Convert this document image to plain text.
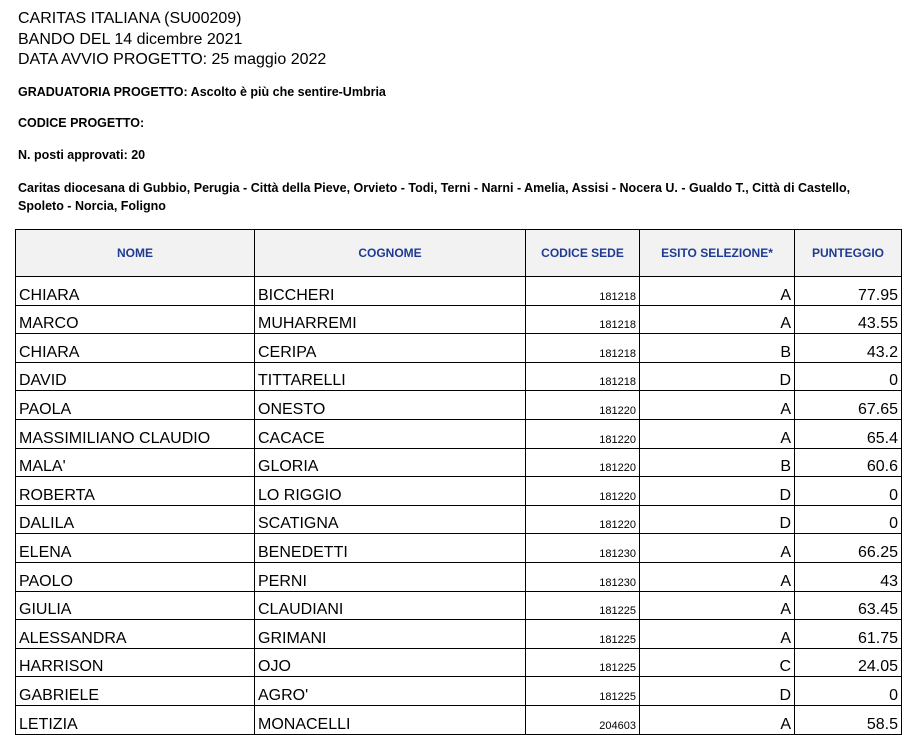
CARITAS ITALIANA (SU00209)
BANDO DEL 14 dicembre 2021
DATA AVVIO PROGETTO: 25 maggio 2022
GRADUATORIA PROGETTO: Ascolto è più che sentire-Umbria
CODICE PROGETTO:
N. posti approvati: 20
Caritas diocesana di Gubbio, Perugia - Città della Pieve, Orvieto - Todi, Terni - Narni - Amelia, Assisi - Nocera U. - Gualdo T., Città di Castello, Spoleto - Norcia, Foligno
NOME	COGNOME	CODICE SEDE	ESITO SELEZIONE*	PUNTEGGIO
CHIARA	BICCHERI	181218	A	77.95
MARCO	MUHARREMI	181218	A	43.55
CHIARA	CERIPA	181218	B	43.2
DAVID	TITTARELLI	181218	D	0
PAOLA	ONESTO	181220	A	67.65
MASSIMILIANO CLAUDIO	CACACE	181220	A	65.4
MALA'	GLORIA	181220	B	60.6
ROBERTA	LO RIGGIO	181220	D	0
DALILA	SCATIGNA	181220	D	0
ELENA	BENEDETTI	181230	A	66.25
PAOLO	PERNI	181230	A	43
GIULIA	CLAUDIANI	181225	A	63.45
ALESSANDRA	GRIMANI	181225	A	61.75
HARRISON	OJO	181225	C	24.05
GABRIELE	AGRO'	181225	D	0
LETIZIA	MONACELLI	204603	A	58.5
